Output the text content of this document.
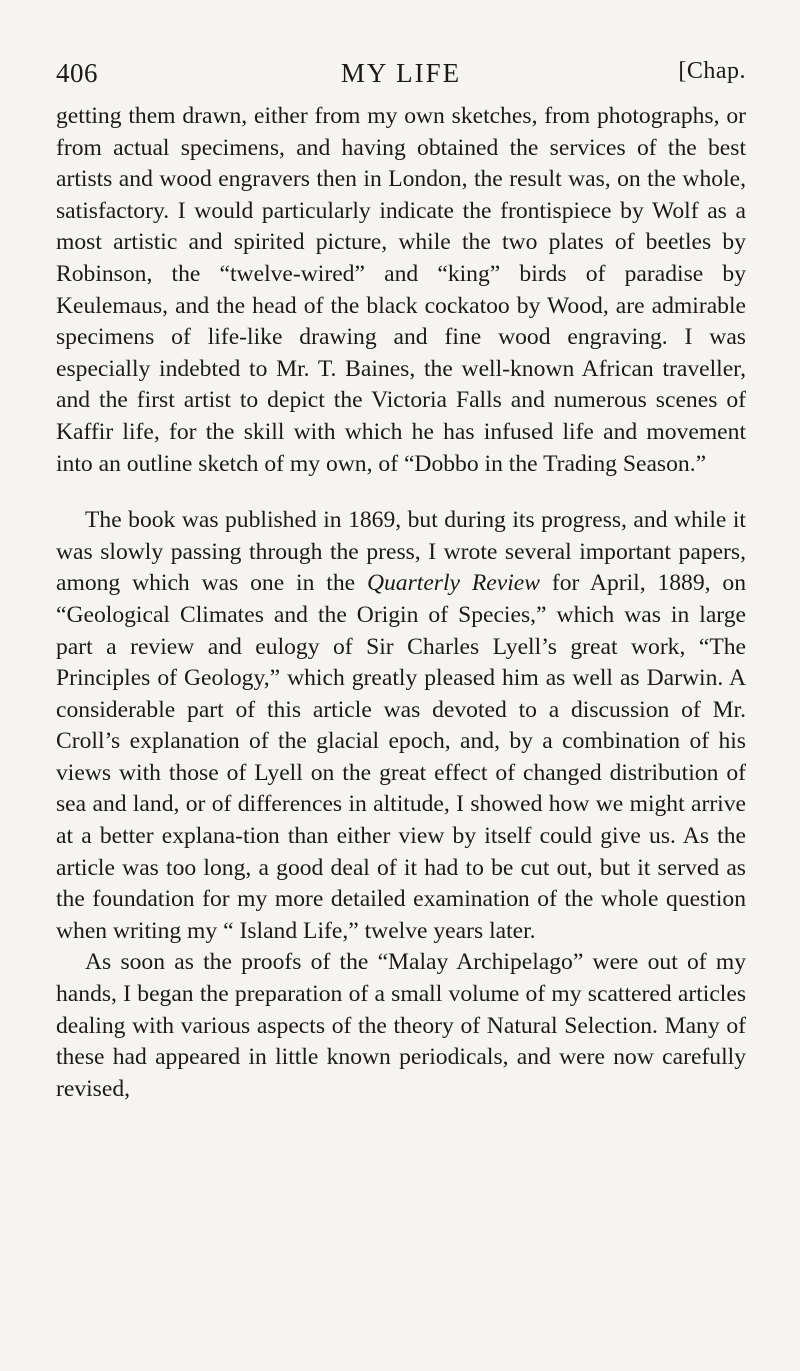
406	MY LIFE	[Chap.

getting them drawn, either from my own sketches, from photographs, or from actual specimens, and having obtained the services of the best artists and wood engravers then in London, the result was, on the whole, satisfactory. I would particularly indicate the frontispiece by Wolf as a most artistic and spirited picture, while the two plates of beetles by Robinson, the “twelve-wired” and “king” birds of paradise by Keulemaus, and the head of the black cockatoo by Wood, are admirable specimens of life-like drawing and fine wood engraving. I was especially indebted to Mr. T. Baines, the well-known African traveller, and the first artist to depict the Victoria Falls and numerous scenes of Kaffir life, for the skill with which he has infused life and movement into an outline sketch of my own, of “Dobbo in the Trading Season.”

The book was published in 1869, but during its progress, and while it was slowly passing through the press, I wrote several important papers, among which was one in the Quarterly Review for April, 1889, on “Geological Climates and the Origin of Species,” which was in large part a review and eulogy of Sir Charles Lyell’s great work, “The Principles of Geology,” which greatly pleased him as well as Darwin. A considerable part of this article was devoted to a discussion of Mr. Croll’s explanation of the glacial epoch, and, by a combination of his views with those of Lyell on the great effect of changed distribution of sea and land, or of differences in altitude, I showed how we might arrive at a better explana-tion than either view by itself could give us. As the article was too long, a good deal of it had to be cut out, but it served as the foundation for my more detailed examination of the whole question when writing my “ Island Life,” twelve years later.

As soon as the proofs of the “Malay Archipelago” were out of my hands, I began the preparation of a small volume of my scattered articles dealing with various aspects of the theory of Natural Selection. Many of these had appeared in little known periodicals, and were now carefully revised,
